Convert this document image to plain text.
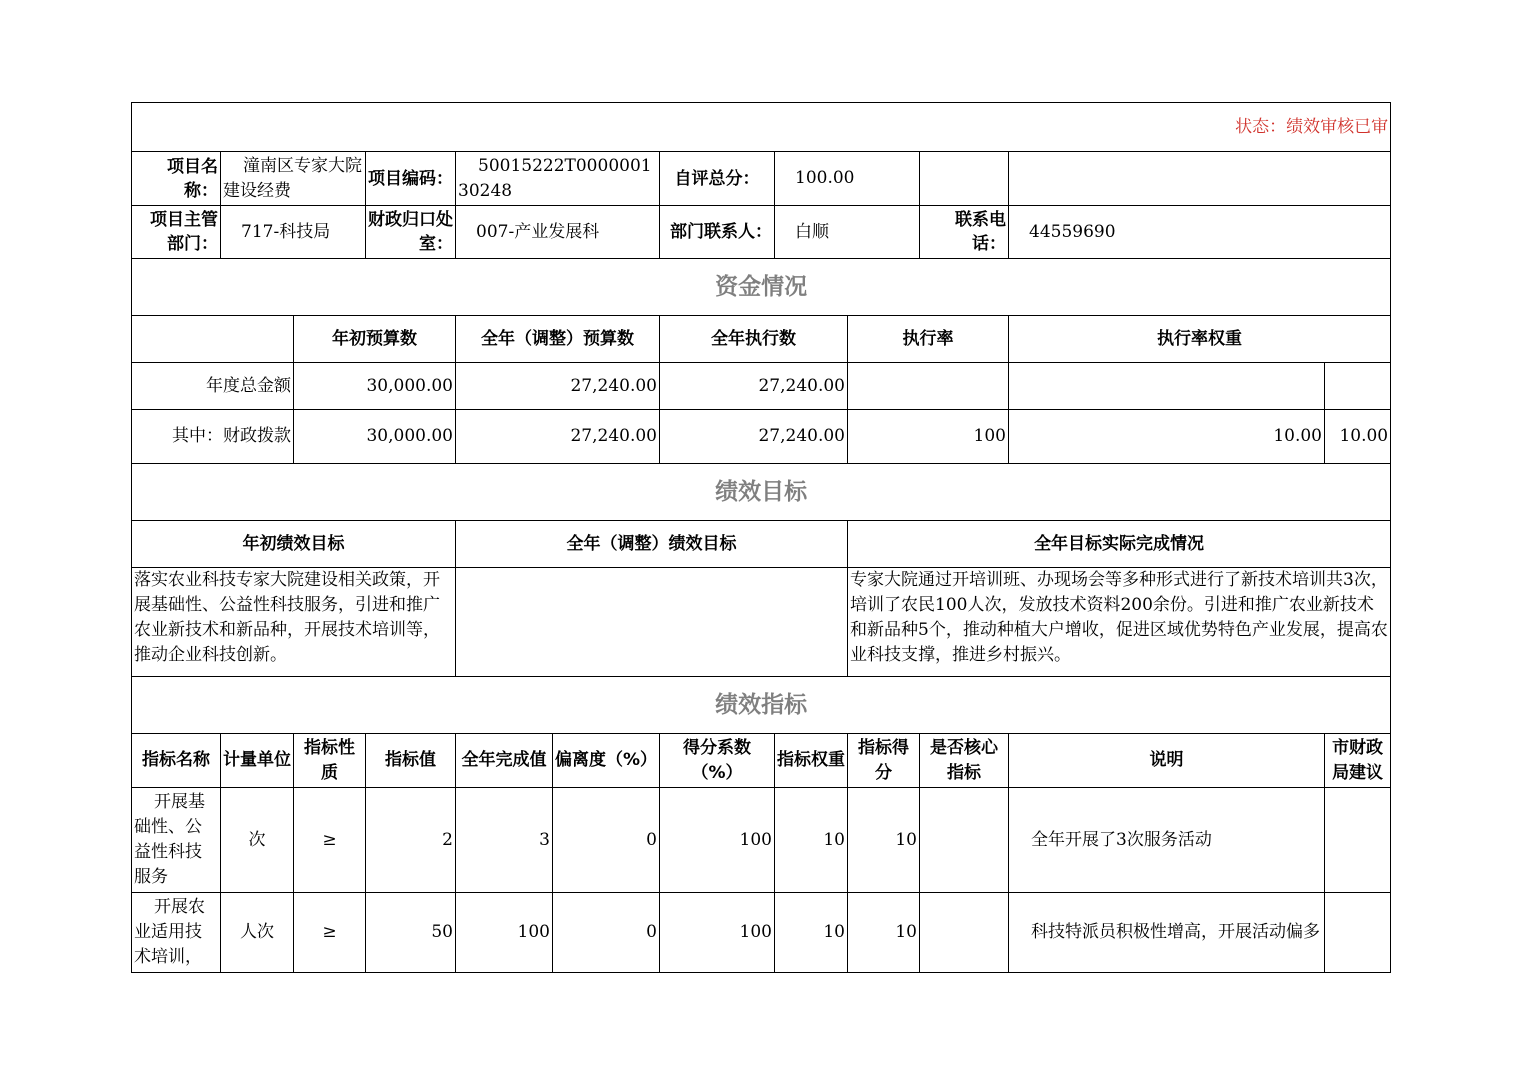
状态：绩效审核已审											
项目名称：	潼南区专家大院建设经费		项目编码：	50015222T000000130248		自评总分：	100.00				
项目主管部门：	717-科技局		财政归口处室：	007-产业发展科		部门联系人：	白顺		联系电话：	44559690	
资金情况											
		年初预算数		全年（调整）预算数		全年执行数		执行率		执行率权重	
年度总金额		30,000.00		27,240.00		27,240.00					
其中：财政拨款		30,000.00		27,240.00		27,240.00		100		10.00	10.00
绩效目标											
年初绩效目标				全年（调整）绩效目标				全年目标实际完成情况			
落实农业科技专家大院建设相关政策，开展基础性、公益性科技服务，引进和推广农业新技术和新品种，开展技术培训等，推动企业科技创新。								专家大院通过开培训班、办现场会等多种形式进行了新技术培训共3次，培训了农民100人次，发放技术资料200余份。引进和推广农业新技术和新品种5个，推动种植大户增收，促进区域优势特色产业发展，提高农业科技支撑，推进乡村振兴。			
绩效指标											
指标名称	计量单位	指标性质	指标值	全年完成值	偏离度（%）	得分系数（%）	指标权重	指标得分	是否核心指标	说明	市财政局建议
开展基础性、公益性科技服务	次	≥	2	3	0	100	10	10		全年开展了3次服务活动	
开展农业适用技术培训，	人次	≥	50	100	0	100	10	10		科技特派员积极性增高，开展活动偏多	
